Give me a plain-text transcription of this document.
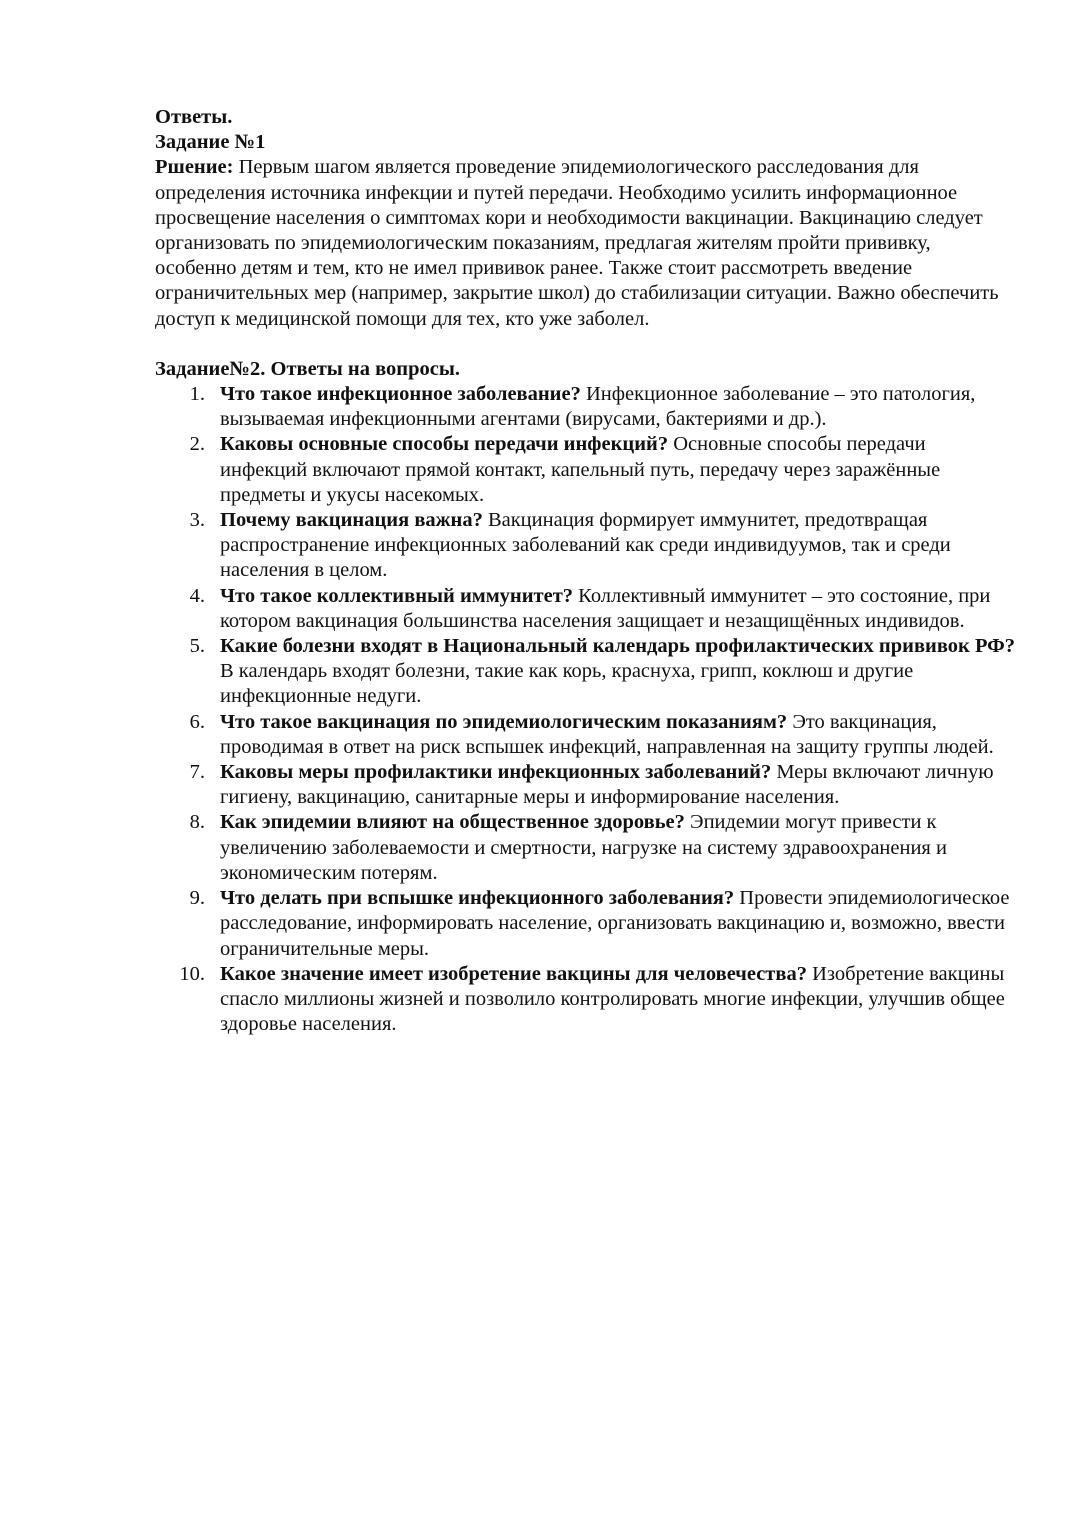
Ответы.

Задание №1

Ршение: Первым шагом является проведение эпидемиологического расследования для определения источника инфекции и путей передачи. Необходимо усилить информационное просвещение населения о симптомах кори и необходимости вакцинации. Вакцинацию следует организовать по эпидемиологическим показаниям, предлагая жителям пройти прививку, особенно детям и тем, кто не имел прививок ранее. Также стоит рассмотреть введение ограничительных мер (например, закрытие школ) до стабилизации ситуации. Важно обеспечить доступ к медицинской помощи для тех, кто уже заболел.

Задание№2. Ответы на вопросы.

1. Что такое инфекционное заболевание? Инфекционное заболевание – это патология, вызываемая инфекционными агентами (вирусами, бактериями и др.).
2. Каковы основные способы передачи инфекций? Основные способы передачи инфекций включают прямой контакт, капельный путь, передачу через заражённые предметы и укусы насекомых.
3. Почему вакцинация важна? Вакцинация формирует иммунитет, предотвращая распространение инфекционных заболеваний как среди индивидуумов, так и среди населения в целом.
4. Что такое коллективный иммунитет? Коллективный иммунитет – это состояние, при котором вакцинация большинства населения защищает и незащищённых индивидов.
5. Какие болезни входят в Национальный календарь профилактических прививок РФ? В календарь входят болезни, такие как корь, краснуха, грипп, коклюш и другие инфекционные недуги.
6. Что такое вакцинация по эпидемиологическим показаниям? Это вакцинация, проводимая в ответ на риск вспышек инфекций, направленная на защиту группы людей.
7. Каковы меры профилактики инфекционных заболеваний? Меры включают личную гигиену, вакцинацию, санитарные меры и информирование населения.
8. Как эпидемии влияют на общественное здоровье? Эпидемии могут привести к увеличению заболеваемости и смертности, нагрузке на систему здравоохранения и экономическим потерям.
9. Что делать при вспышке инфекционного заболевания? Провести эпидемиологическое расследование, информировать население, организовать вакцинацию и, возможно, ввести ограничительные меры.
10. Какое значение имеет изобретение вакцины для человечества? Изобретение вакцины спасло миллионы жизней и позволило контролировать многие инфекции, улучшив общее здоровье населения.
